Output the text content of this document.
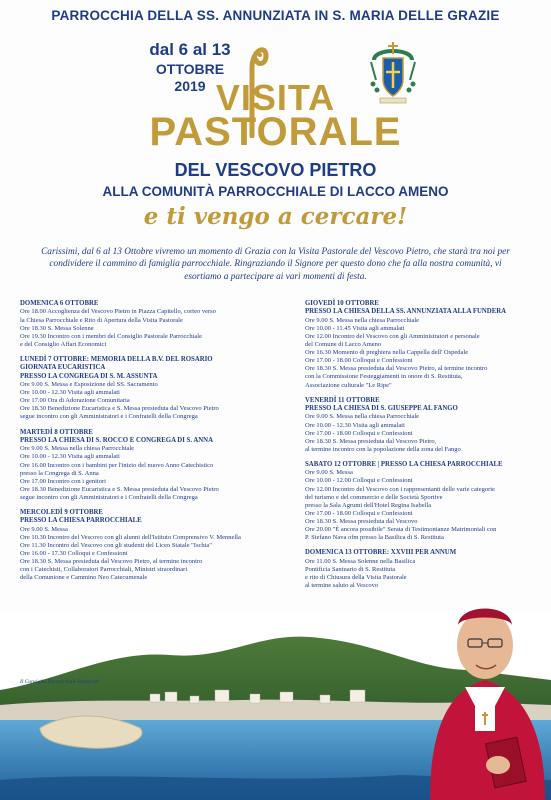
PARROCCHIA DELLA SS. ANNUNZIATA IN S. MARIA DELLE GRAZIE
dal 6 al 13
OTTOBRE
2019 VISITA
PASTORALE
DEL VESCOVO PIETRO
ALLA COMUNITÀ PARROCCHIALE DI LACCO AMENO
e ti vengo a cercare!
Carissimi, dal 6 al 13 Ottobre vivremo un momento di Grazia con la Visita Pastorale del Vescovo Pietro, che starà tra noi per condividere il cammino di famiglia parrocchiale. Ringraziando il Signore per questo dono che fa alla nostra comunità, vi esortiamo a partecipare ai vari momenti di festa.
DOMENICA 6 OTTOBRE
Ore 18.00 Accoglienza del Vescovo Pietro in Piazza Capitello, corteo verso
la Chiesa Parrocchiale e Rito di Apertura della Visita Pastorale
Ore 18.30 S. Messa Solenne
Ore 19.30 Incontro con i membri del Consiglio Pastorale Parrocchiale
e del Consiglio Affari Economici
LUNEDÌ 7 OTTOBRE: MEMORIA DELLA B.V. DEL ROSARIO
GIORNATA EUCARISTICA
PRESSO LA CONGREGA DI S. M. ASSUNTA
Ore 9.00 S. Messa e Esposizione del SS. Sacramento
Ore 10.00 - 12.30 Visita agli ammalati
Ore 17.00 Ora di Adorazione Comunitaria
Ore 18.30 Benedizione Eucaristica e S. Messa presieduta dal Vescovo Pietro
segue incontro con gli Amministratori e i Confratelli della Congrega
MARTEDÌ 8 OTTOBRE
PRESSO LA CHIESA DI S. ROCCO E CONGREGA DI S. ANNA
Ore 9.00 S. Messa nella chiesa Parrocchiale
Ore 10.00 - 12.30 Visita agli ammalati
Ore 16.00 Incontro con i bambini per l'inizio del nuovo Anno Catechistico
presso la Congrega di S. Anna
Ore 17.00 Incontro con i genitori
Ore 18.30 Benedizione Eucaristica e S. Messa presieduta dal Vescovo Pietro
segue incontro con gli Amministratori e i Confratelli della Congrega
MERCOLEDÌ 9 OTTOBRE
PRESSO LA CHIESA PARROCCHIALE
Ore 9.00 S. Messa
Ore 10.30 Incontro del Vescovo con gli alunni dell'Istituto Comprensivo V. Mennella
Ore 11.30 Incontro del Vescovo con gli studenti del Liceo Statale "Ischia"
Ore 16.00 - 17.30 Colloqui e Confessioni
Ore 18.30 S. Messa presieduta dal Vescovo Pietro, al termine incontro
con i Catechisti, Collaboratori Parrocchiali, Ministri straordinari
della Comunione e Cammino Neo Catecumenale
GIOVEDÌ 10 OTTOBRE
PRESSO LA CHIESA DELLA SS. ANNUNZIATA ALLA FUNDERA
Ore 9.00 S. Messa nella chiesa Parrocchiale
Ore 10.00 - 11.45 Visita agli ammalati
Ore 12.00 Incontro del Vescovo con gli Amministratori e personale
del Comune di Lacco Ameno
Ore 16.30 Momento di preghiera nella Cappella dell' Ospedale
Ore 17.00 - 18.00 Colloqui e Confessioni
Ore 18.30 S. Messa presieduta dal Vescovo Pietro, al termine incontro
con la Commissione Festeggiamenti in onore di S. Restituta,
Associazione culturale "Le Ripe"
VENERDÌ 11 OTTOBRE
PRESSO LA CHIESA DI S. GIUSEPPE AL FANGO
Ore 9.00 S. Messa nella chiesa Parrocchiale
Ore 10.00 - 12.30 Visita agli ammalati
Ore 17.00 - 18.00 Colloqui e Confessioni
Ore 18.30 S. Messa presieduta dal Vescovo Pietro,
al termine incontro con la popolazione della zona del Fango
SABATO 12 OTTOBRE | PRESSO LA CHIESA PARROCCHIALE
Ore 9.00 S. Messa
Ore 10.00 - 12.00 Colloqui e Confessioni
Ore 12.00 Incontro del Vescovo con i rappresentanti delle varie categorie
del turismo e del commercio e delle Società Sportive
presso la Sala Agrumi dell'Hotel Regina Isabella
Ore 17.00 - 18.00 Colloqui e Confessioni
Ore 18.30 S. Messa presieduta dal Vescovo
Ore 20.00 "È ancora possibile" Serata di Testimonianze Matrimoniali con
P. Stefano Nava ofm presso la Basilica di S. Restituta
DOMENICA 13 OTTOBRE: XXVIII PER ANNUM
Ore 11.00 S. Messa Solenne nella Basilica
Pontificia Santuario di S. Restituta
e rito di Chiusura della Visita Pastorale
al termine saluto al Vescovo
Il Consiglio Parrocchiale Pastorale
